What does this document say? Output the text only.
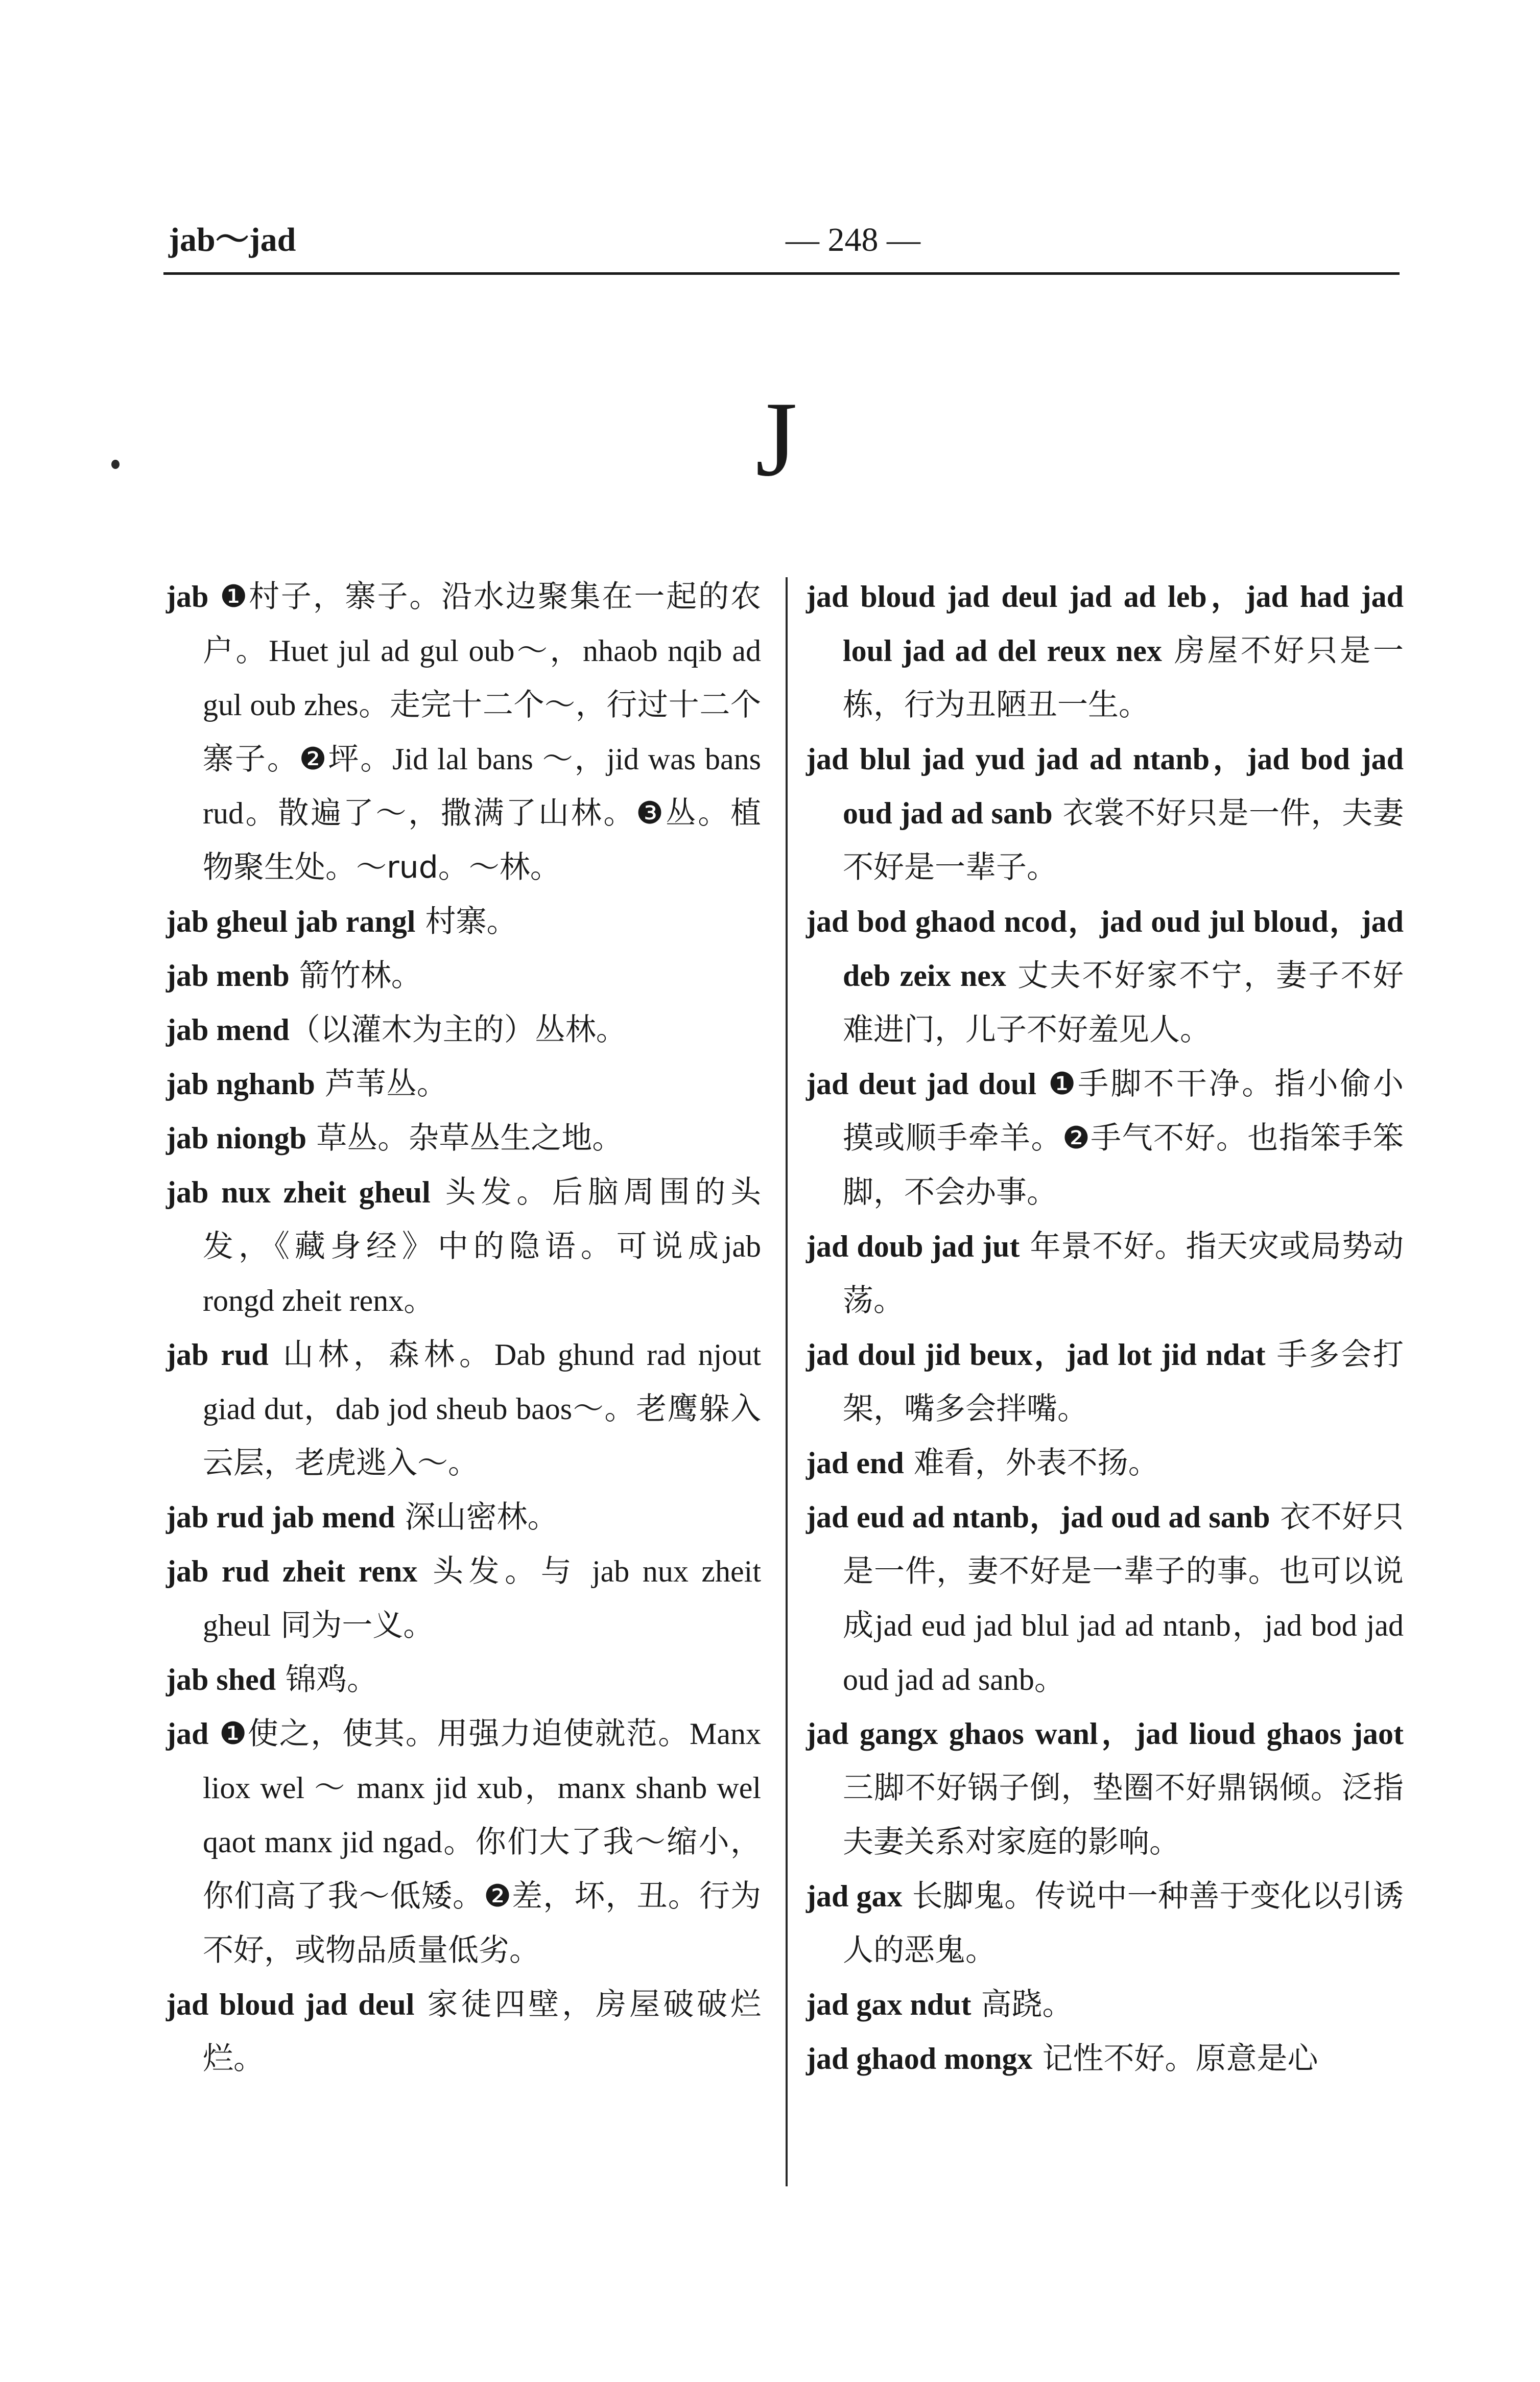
jab～jad	— 248 —
J

jab ❶村子，寨子。沿水边聚集在一起的农户。Huet jul ad gul oub～，nhaob nqib ad gul oub zhes。走完十二个～，行过十二个寨子。❷坪。Jid lal bans ～，jid was bans rud。散遍了～，撒满了山林。❸丛。植物聚生处。～rud。～林。

jab gheul jab rangl 村寨。

jab menb 箭竹林。

jab mend（以灌木为主的）丛林。

jab nghanb 芦苇丛。

jab niongb 草丛。杂草丛生之地。

jab nux zheit gheul 头发。后脑周围的头发，《藏身经》中的隐语。可说成jab rongd zheit renx。

jab rud 山林，森林。Dab ghund rad njout giad dut，dab jod sheub baos～。老鹰躲入云层，老虎逃入～。

jab rud jab mend 深山密林。

jab rud zheit renx 头发。与 jab nux zheit gheul 同为一义。

jab shed 锦鸡。

jad ❶使之，使其。用强力迫使就范。Manx liox wel ～ manx jid xub，manx shanb wel qaot manx jid ngad。你们大了我～缩小，你们高了我～低矮。❷差，坏，丑。行为不好，或物品质量低劣。

jad bloud jad deul 家徒四壁，房屋破破烂烂。

jad bloud jad deul jad ad leb，jad had jad loul jad ad del reux nex 房屋不好只是一栋，行为丑陋丑一生。

jad blul jad yud jad ad ntanb，jad bod jad oud jad ad sanb 衣裳不好只是一件，夫妻不好是一辈子。

jad bod ghaod ncod，jad oud jul bloud，jad deb zeix nex 丈夫不好家不宁，妻子不好难进门，儿子不好羞见人。

jad deut jad doul ❶手脚不干净。指小偷小摸或顺手牵羊。❷手气不好。也指笨手笨脚，不会办事。

jad doub jad jut 年景不好。指天灾或局势动荡。

jad doul jid beux，jad lot jid ndat 手多会打架，嘴多会拌嘴。

jad end 难看，外表不扬。

jad eud ad ntanb，jad oud ad sanb 衣不好只是一件，妻不好是一辈子的事。也可以说成jad eud jad blul jad ad ntanb，jad bod jad oud jad ad sanb。

jad gangx ghaos wanl，jad lioud ghaos jaot 三脚不好锅子倒，垫圈不好鼎锅倾。泛指夫妻关系对家庭的影响。

jad gax 长脚鬼。传说中一种善于变化以引诱人的恶鬼。

jad gax ndut 高跷。

jad ghaod mongx 记性不好。原意是心
